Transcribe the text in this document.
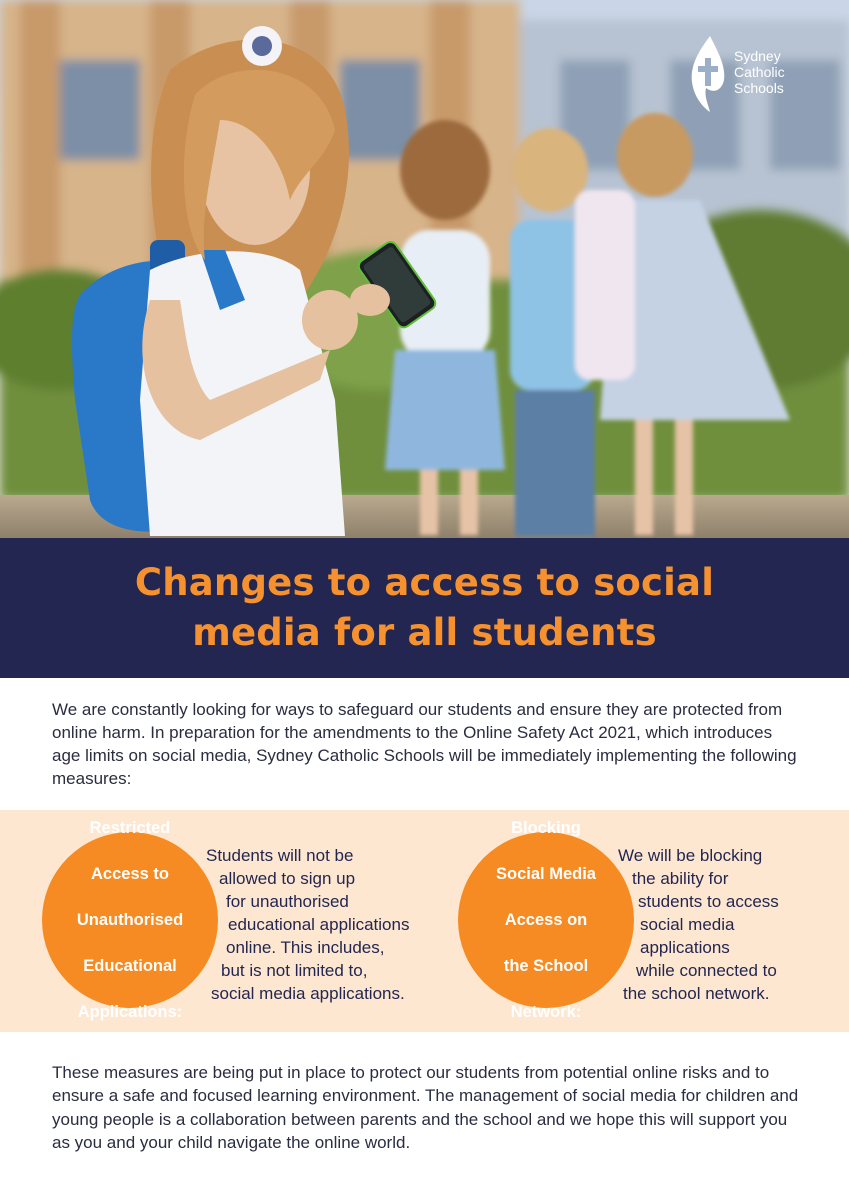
Sydney
Catholic
Schools
Changes to access to social
media for all students

We are constantly looking for ways to safeguard our students and ensure they are protected from online harm. In preparation for the amendments to the Online Safety Act 2021, which introduces age limits on social media, Sydney Catholic Schools will be immediately implementing the following measures:

Restricted

Access to

Unauthorised

Educational

Applications:
Students will not be
allowed to sign up
for unauthorised
educational applications
online. This includes,
but is not limited to,
social media applications.
Blocking

Social Media

Access on

the School

Network:
We will be blocking
the ability for
students to access
social media
applications
while connected to
the school network.

These measures are being put in place to protect our students from potential online risks and to ensure a safe and focused learning environment. The management of social media for children and young people is a collaboration between parents and the school and we hope this will support you as you and your child navigate the online world.
